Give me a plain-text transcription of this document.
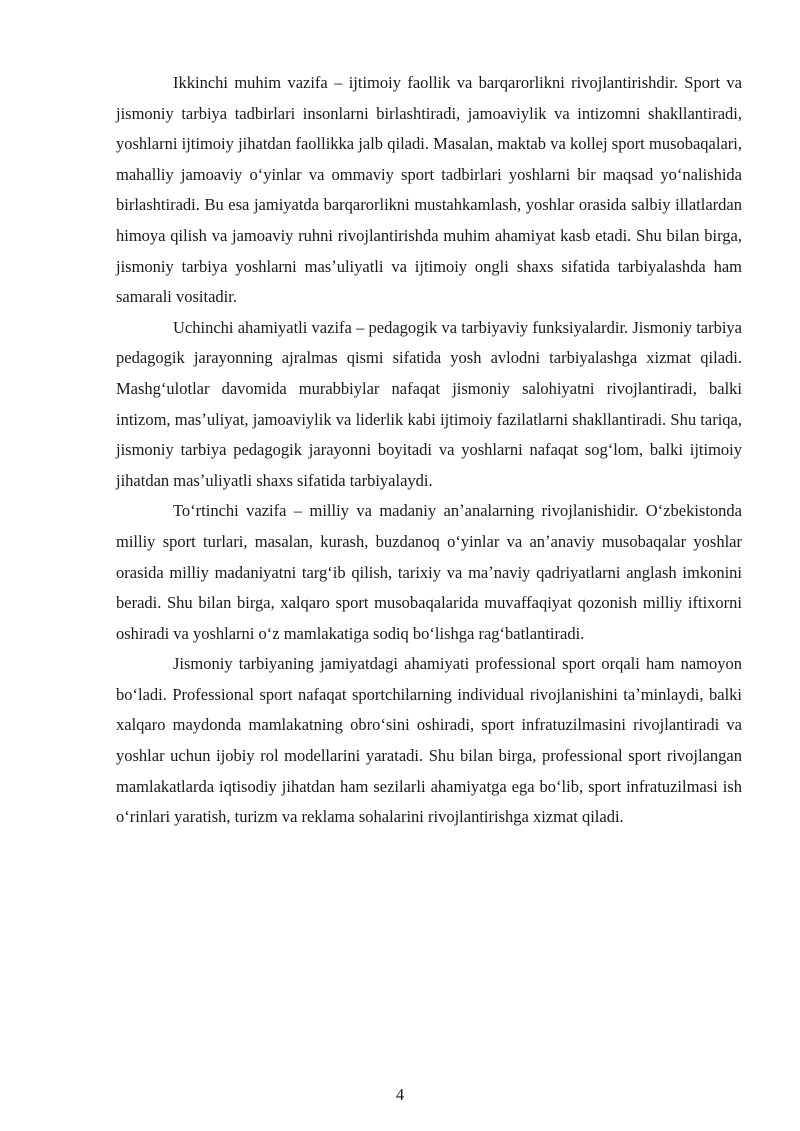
Ikkinchi muhim vazifa – ijtimoiy faollik va barqarorlikni rivojlantirishdir. Sport va jismoniy tarbiya tadbirlari insonlarni birlashtiradi, jamoaviylik va intizomni shakllantiradi, yoshlarni ijtimoiy jihatdan faollikka jalb qiladi. Masalan, maktab va kollej sport musobaqalari, mahalliy jamoaviy oʻyinlar va ommaviy sport tadbirlari yoshlarni bir maqsad yoʻnalishida birlashtiradi. Bu esa jamiyatda barqarorlikni mustahkamlash, yoshlar orasida salbiy illatlardan himoya qilish va jamoaviy ruhni rivojlantirishda muhim ahamiyat kasb etadi. Shu bilan birga, jismoniy tarbiya yoshlarni masʼuliyatli va ijtimoiy ongli shaxs sifatida tarbiyalashda ham samarali vositadir.

Uchinchi ahamiyatli vazifa – pedagogik va tarbiyaviy funksiyalardir. Jismoniy tarbiya pedagogik jarayonning ajralmas qismi sifatida yosh avlodni tarbiyalashga xizmat qiladi. Mashgʻulotlar davomida murabbiylar nafaqat jismoniy salohiyatni rivojlantiradi, balki intizom, masʼuliyat, jamoaviylik va liderlik kabi ijtimoiy fazilatlarni shakllantiradi. Shu tariqa, jismoniy tarbiya pedagogik jarayonni boyitadi va yoshlarni nafaqat sogʻlom, balki ijtimoiy jihatdan masʼuliyatli shaxs sifatida tarbiyalaydi.

Toʻrtinchi vazifa – milliy va madaniy anʼanalarning rivojlanishidir. Oʻzbekistonda milliy sport turlari, masalan, kurash, buzdanoq oʻyinlar va anʼanaviy musobaqalar yoshlar orasida milliy madaniyatni targʻib qilish, tarixiy va maʼnaviy qadriyatlarni anglash imkonini beradi. Shu bilan birga, xalqaro sport musobaqalarida muvaffaqiyat qozonish milliy iftixorni oshiradi va yoshlarni oʻz mamlakatiga sodiq boʻlishga ragʻbatlantiradi.

Jismoniy tarbiyaning jamiyatdagi ahamiyati professional sport orqali ham namoyon boʻladi. Professional sport nafaqat sportchilarning individual rivojlanishini taʼminlaydi, balki xalqaro maydonda mamlakatning obroʻsini oshiradi, sport infratuzilmasini rivojlantiradi va yoshlar uchun ijobiy rol modellarini yaratadi. Shu bilan birga, professional sport rivojlangan mamlakatlarda iqtisodiy jihatdan ham sezilarli ahamiyatga ega boʻlib, sport infratuzilmasi ish oʻrinlari yaratish, turizm va reklama sohalarini rivojlantirishga xizmat qiladi.

4
